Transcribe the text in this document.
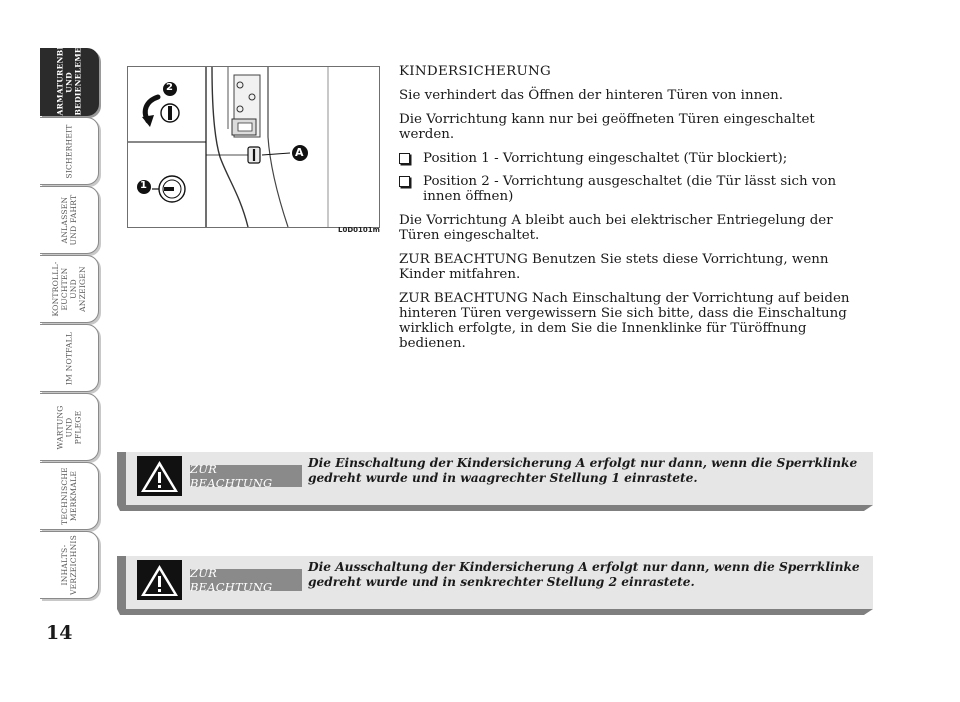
ARMATURENBRETT
UND
BEDIENELEMENTE
SICHERHEIT
ANLASSEN
UND FAHRT
KONTROLLL-
EUCHTEN UND
ANZEIGEN
IM NOTFALL
WARTUNG UND
PFLEGE
TECHNISCHE
MERKMALE
INHALTS-
VERZEICHNIS
14
2
1
A
L0D0101m
KINDERSICHERUNG

Sie verhindert das Öffnen der hinteren Türen von innen.

Die Vorrichtung kann nur bei geöffneten Türen eingeschaltet werden.

Position 1 - Vorrichtung eingeschaltet (Tür blockiert);
Position 2 - Vorrichtung ausgeschaltet (die Tür lässt sich von innen öffnen)

Die Vorrichtung A bleibt auch bei elektrischer Entriegelung der Türen eingeschaltet.

ZUR BEACHTUNG Benutzen Sie stets diese Vorrichtung, wenn Kinder mitfahren.

ZUR BEACHTUNG Nach Einschaltung der Vorrichtung auf beiden hinteren Türen vergewissern Sie sich bitte, dass die Einschaltung wirklich erfolgte, in dem Sie die Innenklinke für Türöffnung bedienen.

ZUR BEACHTUNG
Die Einschaltung der Kindersicherung A erfolgt nur dann, wenn die Sperrklinke gedreht wurde und in waagrechter Stellung 1 einrastete.
ZUR BEACHTUNG
Die Ausschaltung der Kindersicherung A erfolgt nur dann, wenn die Sperrklinke gedreht wurde und in senkrechter Stellung 2 einrastete.
